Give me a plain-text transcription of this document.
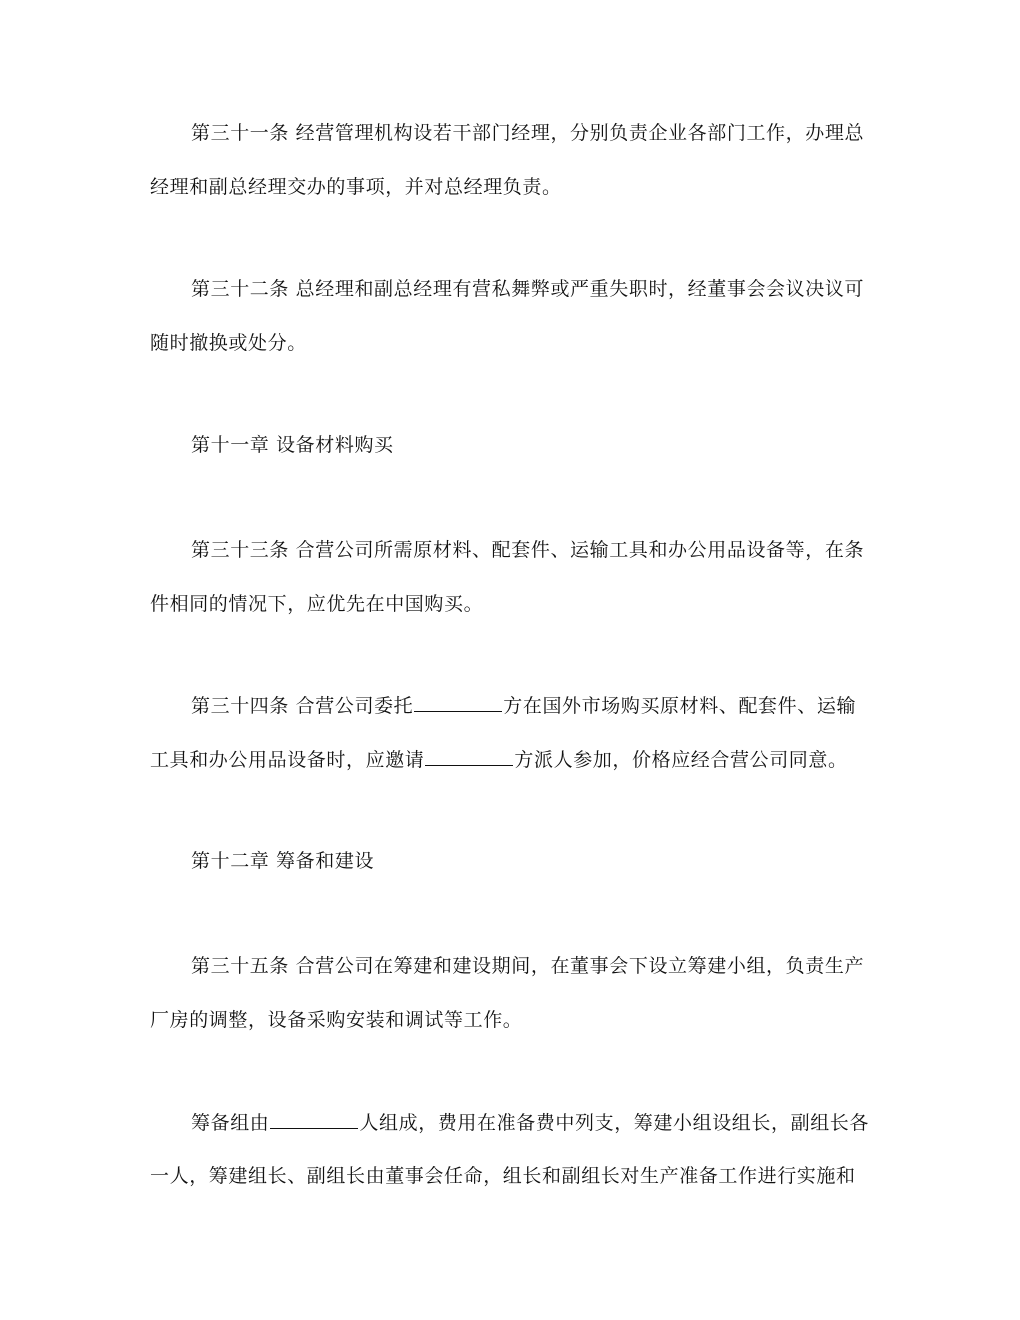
第三十一条 经营管理机构设若干部门经理，分别负责企业各部门工作，办理总
经理和副总经理交办的事项，并对总经理负责。
第三十二条 总经理和副总经理有营私舞弊或严重失职时，经董事会会议决议可
随时撤换或处分。
第十一章 设备材料购买
第三十三条 合营公司所需原材料、配套件、运输工具和办公用品设备等，在条
件相同的情况下，应优先在中国购买。
第三十四条 合营公司委托	方在国外市场购买原材料、配套件、运输
工具和办公用品设备时，应邀请	方派人参加，价格应经合营公司同意。
第十二章 筹备和建设
第三十五条 合营公司在筹建和建设期间，在董事会下设立筹建小组，负责生产
厂房的调整，设备采购安装和调试等工作。
筹备组由	人组成，费用在准备费中列支，筹建小组设组长，副组长各
一人，筹建组长、副组长由董事会任命，组长和副组长对生产准备工作进行实施和
